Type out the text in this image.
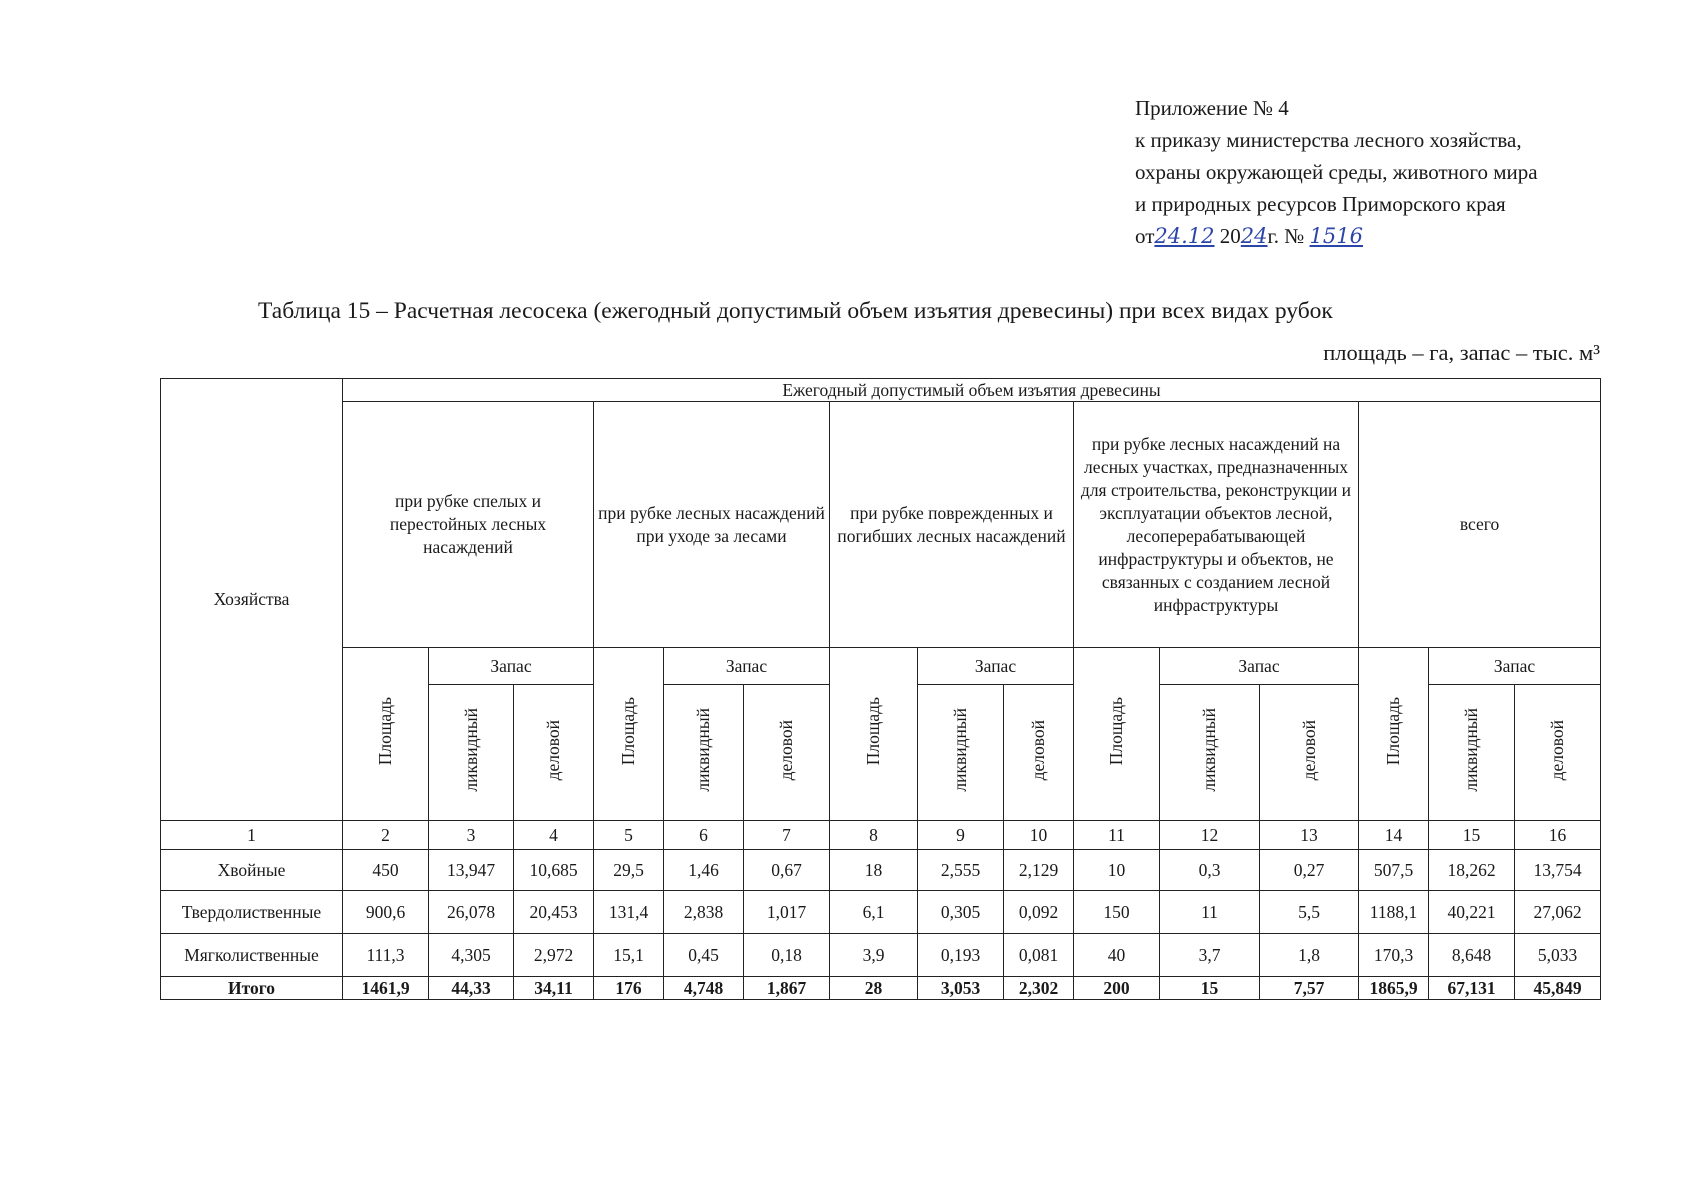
Приложение № 4
к приказу министерства лесного хозяйства,
охраны окружающей среды, животного мира
и природных ресурсов Приморского края
от24.12 2024г. № 1516
Таблица 15 – Расчетная лесосека (ежегодный допустимый объем изъятия древесины) при всех видах рубок
площадь – га, запас – тыс. м³
Хозяйства	Ежегодный допустимый объем изъятия древесины														
	при рубке спелых и перестойных лесных насаждений			при рубке лесных насаждений при уходе за лесами			при рубке поврежденных и погибших лесных насаждений			при рубке лесных насаждений на лесных участках, предназначенных для строительства, реконструкции и эксплуатации объектов лесной, лесоперерабатывающей инфраструктуры и объектов, не связанных с созданием лесной инфраструктуры			всего		
	Площадь	Запас		Площадь	Запас		Площадь	Запас		Площадь	Запас		Площадь	Запас	
		ликвидный	деловой		ликвидный	деловой		ликвидный	деловой		ликвидный	деловой		ликвидный	деловой
1	2	3	4	5	6	7	8	9	10	11	12	13	14	15	16
Хвойные	450	13,947	10,685	29,5	1,46	0,67	18	2,555	2,129	10	0,3	0,27	507,5	18,262	13,754
Твердолиственные	900,6	26,078	20,453	131,4	2,838	1,017	6,1	0,305	0,092	150	11	5,5	1188,1	40,221	27,062
Мягколиственные	111,3	4,305	2,972	15,1	0,45	0,18	3,9	0,193	0,081	40	3,7	1,8	170,3	8,648	5,033
Итого	1461,9	44,33	34,11	176	4,748	1,867	28	3,053	2,302	200	15	7,57	1865,9	67,131	45,849
